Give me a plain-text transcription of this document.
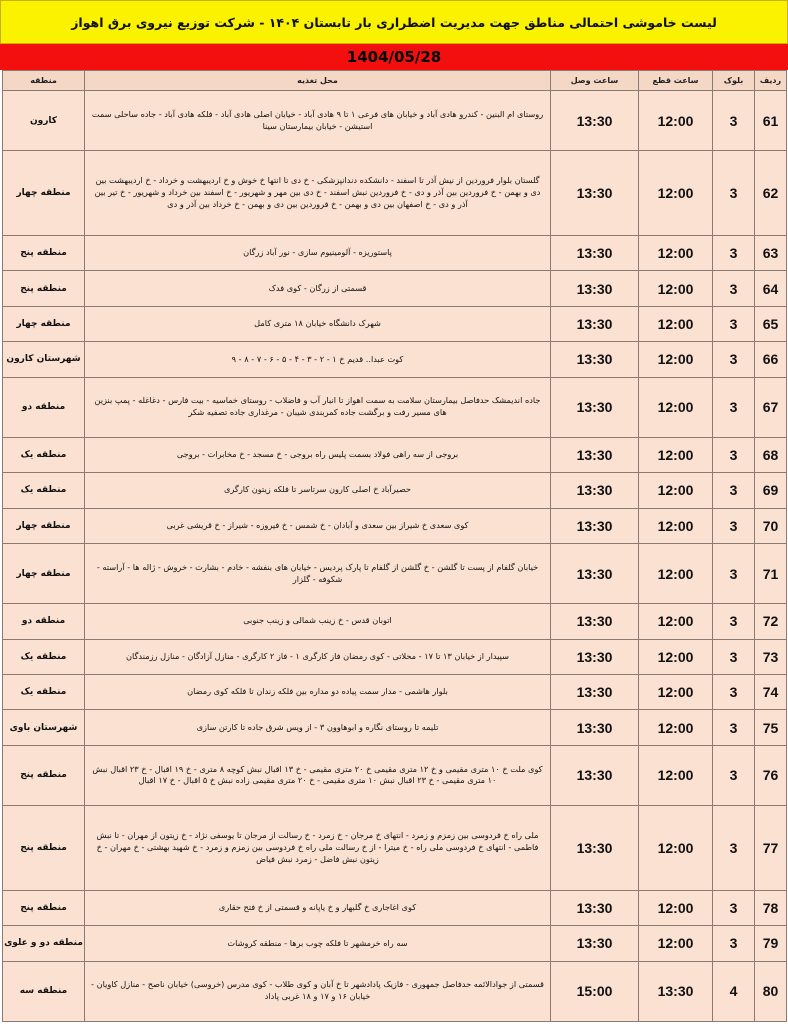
لیست خاموشی احتمالی مناطق جهت مدیریت اضطراری بار تابستان ۱۴۰۴ - شرکت توزیع نیروی برق اهواز
1404/05/28
ردیف	بلوک	ساعت قطع	ساعت وصل	محل تغذیه	منطقه
61	3	12:00	13:30	روستای ام البنین - کندرو هادی آباد و خیابان های فرعی ۱ تا ۹ هادی آباد - خیابان اصلی هادی آباد - فلکه هادی آباد - جاده ساحلی سمت استیشن - خیابان بیمارستان سینا	کارون
62	3	12:00	13:30	گلستان بلوار فروردین از نیش آذر تا اسفند - دانشکده دندانپزشکی - خ دی تا انتها خ خوش و خ اردیبهشت و خرداد - خ اردیبهشت بین دی و بهمن - خ فروردین بین آذر و دی - خ فروردین نبش اسفند - خ دی بین مهر و شهریور - خ اسفند بین خرداد و شهریور - خ تیر بین آذر و دی - خ اصفهان بین دی و بهمن - خ فروردین بین دی و بهمن - خ خرداد بین آذر و دی	منطقه چهار
63	3	12:00	13:30	پاستوریزه - آلومینیوم سازی - نور آباد زرگان	منطقه پنج
64	3	12:00	13:30	قسمتی از زرگان - کوی فدک	منطقه پنج
65	3	12:00	13:30	شهرک دانشگاه خیابان ۱۸ متری کامل	منطقه چهار
66	3	12:00	13:30	کوت عبدا.. قدیم خ ۱ - ۲ - ۳ - ۴ - ۵ - ۶ - ۷ - ۸ - ۹	شهرستان کارون
67	3	12:00	13:30	جاده اندیمشک حدفاصل بیمارستان سلامت به سمت اهواز تا انبار آب و فاضلاب - روستای خماسیه - بیت فارس - دغاغله - پمپ بنزین های مسیر رفت و برگشت جاده کمربندی شیبان - مرغداری جاده تصفیه شکر	منطقه دو
68	3	12:00	13:30	بروجی از سه راهی فولاد بسمت پلیس راه بروجی - خ مسجد - خ مخابرات - بروجی	منطقه یک
69	3	12:00	13:30	حصیرآباد خ اصلی کارون سرتاسر تا فلکه زیتون کارگری	منطقه یک
70	3	12:00	13:30	کوی سعدی خ شیراز بین سعدی و آبادان - خ شمس - خ فیروزه - شیراز - خ قریشی غربی	منطقه چهار
71	3	12:00	13:30	خیابان گلفام از پست تا گلشن - خ گلشن از گلفام تا پارک پردیس - خیابان های بنفشه - خادم - بشارت - خروش - ژاله ها - آراسته - شکوفه - گلزار	منطقه چهار
72	3	12:00	13:30	اتوبان قدس - خ زینب شمالی و زینب جنوبی	منطقه دو
73	3	12:00	13:30	سپیدار از خیابان ۱۳ تا ۱۷ - محلاتی - کوی رمضان فاز کارگری ۱ - فاز ۲ کارگری - منازل آزادگان - منازل رزمندگان	منطقه یک
74	3	12:00	13:30	بلوار هاشمی - مدار سمت پیاده دو مداره بین فلکه زندان تا فلکه کوی رمضان	منطقه یک
75	3	12:00	13:30	تلیمه تا روستای نگاره و ابوهاوون ۳ - از ویس شرق جاده تا کارتن سازی	شهرستان باوی
76	3	12:00	13:30	کوی ملت خ ۱۰ متری مقیمی و خ ۱۲ متری مقیمی خ ۲۰ متری مقیمی - خ ۱۳ اقبال نبش کوچه ۸ متری - خ ۱۹ اقبال - خ ۲۳ اقبال نبش ۱۰ متری مقیمی - خ ۲۳ اقبال نبش ۱۰ متری مقیمی - خ ۲۰ متری مقیمی زاده نبش خ ۵ اقبال - خ ۱۷ اقبال	منطقه پنج
77	3	12:00	13:30	ملی راه خ فردوسی بین زمزم و زمرد - انتهای خ مرجان - خ زمرد - خ رسالت از مرجان تا یوسفی نژاد - خ زیتون از مهران - تا نبش فاطمی - انتهای خ فردوسی ملی راه - خ میترا - از خ رسالت ملی راه خ فردوسی بین زمزم و زمرد - خ شهید بهشتی - خ مهران - خ زیتون نبش فاضل - زمرد نبش فیاض	منطقه پنج
78	3	12:00	13:30	کوی اغاجاری خ گلبهار و خ یاپانه و قسمتی از خ فتح حقاری	منطقه پنج
79	3	12:00	13:30	سه راه خرمشهر تا فلکه چوب برها - منطقه کروشات	منطقه دو و علوی
80	4	13:30	15:00	قسمتی از جوادالائمه حدفاصل جمهوری - فازیک پادادشهر تا خ آبان و کوی طلاب - کوی مدرس (خروسی) خیابان ناصح - منازل کاویان - خیابان ۱۶ و ۱۷ و ۱۸ غربی پاداد	منطقه سه
